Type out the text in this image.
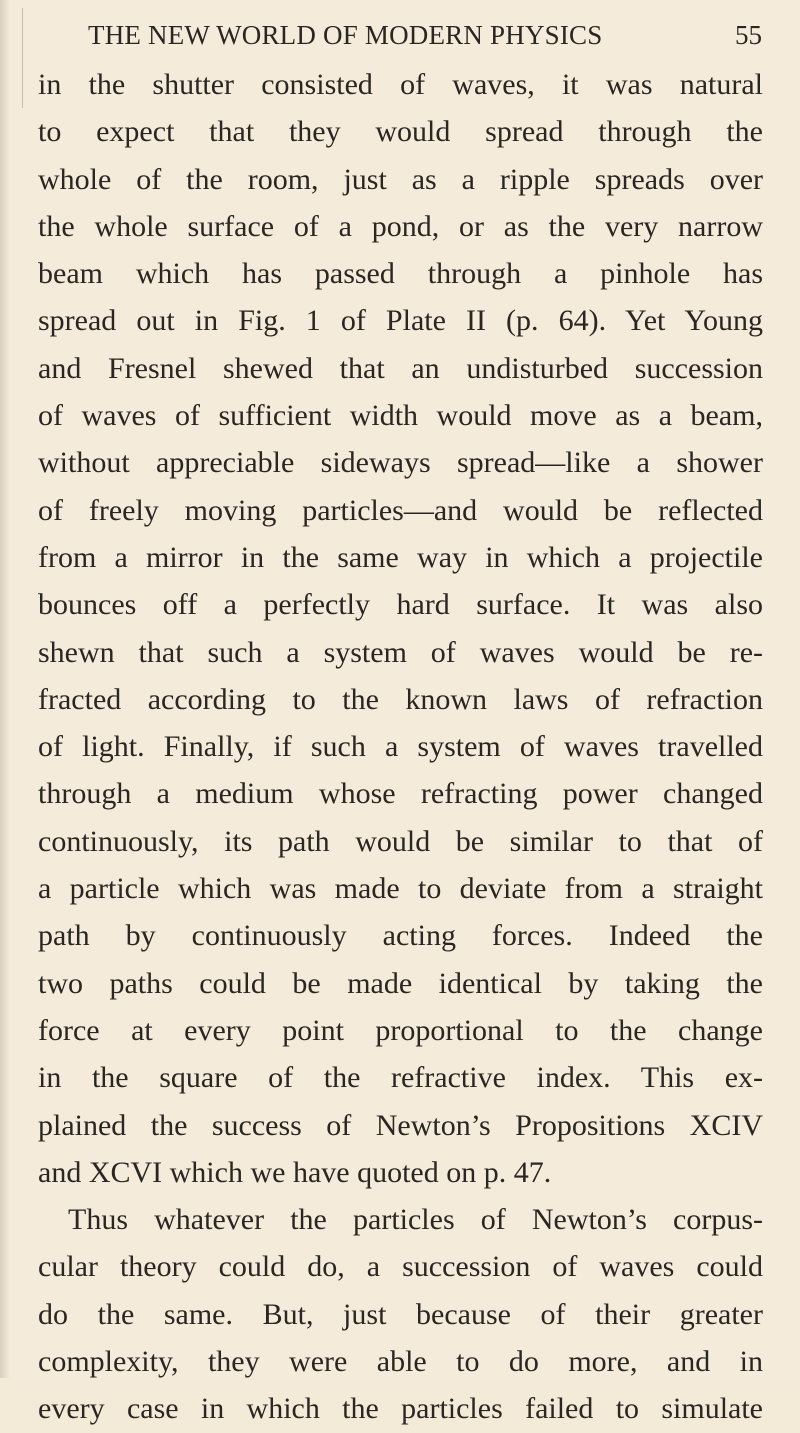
THE NEW WORLD OF MODERN PHYSICS	55
in the shutter consisted of waves, it was natural
to expect that they would spread through the
whole of the room, just as a ripple spreads over
the whole surface of a pond, or as the very narrow
beam which has passed through a pinhole has
spread out in Fig. 1 of Plate II (p. 64). Yet Young
and Fresnel shewed that an undisturbed succession
of waves of sufficient width would move as a beam,
without appreciable sideways spread—like a shower
of freely moving particles—and would be reflected
from a mirror in the same way in which a projectile
bounces off a perfectly hard surface. It was also
shewn that such a system of waves would be re-
fracted according to the known laws of refraction
of light. Finally, if such a system of waves travelled
through a medium whose refracting power changed
continuously, its path would be similar to that of
a particle which was made to deviate from a straight
path by continuously acting forces. Indeed the
two paths could be made identical by taking the
force at every point proportional to the change
in the square of the refractive index. This ex-
plained the success of Newton’s Propositions XCIV
and XCVI which we have quoted on p. 47.
Thus whatever the particles of Newton’s corpus-
cular theory could do, a succession of waves could
do the same. But, just because of their greater
complexity, they were able to do more, and in
every case in which the particles failed to simulate
